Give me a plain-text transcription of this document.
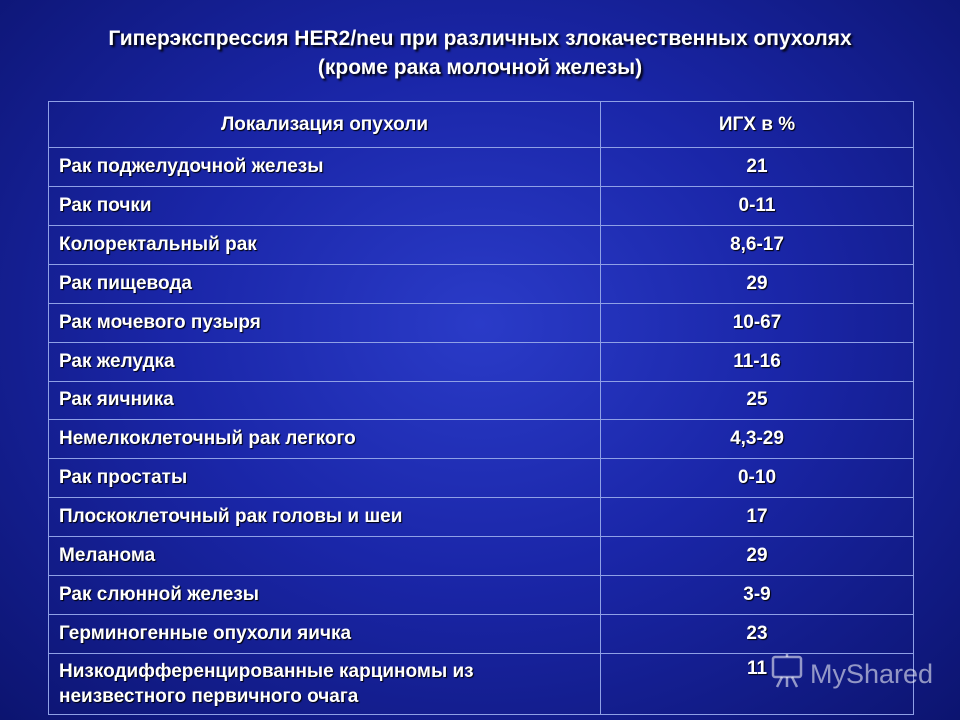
Гиперэкспрессия HER2/neu при различных злокачественных опухолях
(кроме рака молочной железы)
Локализация опухоли	ИГХ в %
Рак поджелудочной железы	21
Рак почки	0-11
Колоректальный рак	8,6-17
Рак пищевода	29
Рак мочевого пузыря	10-67
Рак желудка	11-16
Рак яичника	25
Немелкоклеточный рак легкого	4,3-29
Рак простаты	0-10
Плоскоклеточный рак головы и шеи	17
Меланома	29
Рак слюнной железы	3-9
Герминогенные опухоли яичка	23
Низкодифференцированные карциномы из неизвестного первичного очага	11 MyShared
